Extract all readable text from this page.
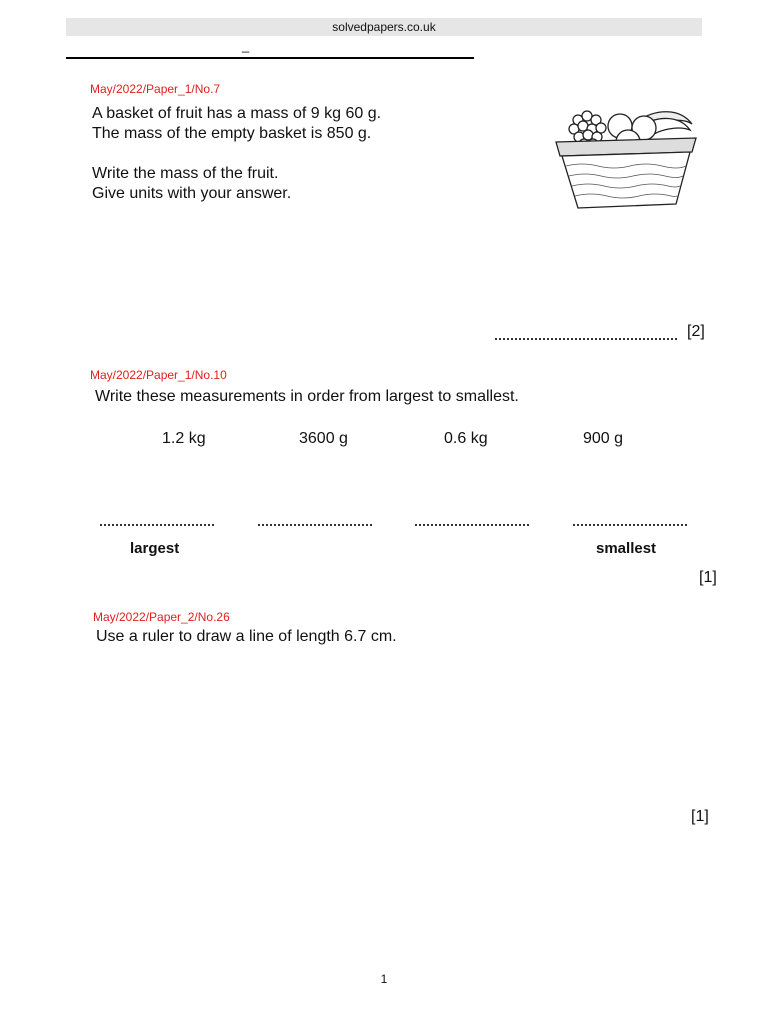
solvedpapers.co.uk
_
May/2022/Paper_1/No.7
A basket of fruit has a mass of 9 kg 60 g.
The mass of the empty basket is 850 g.
Write the mass of the fruit.
Give units with your answer.
[2]
May/2022/Paper_1/No.10
Write these measurements in order from largest to smallest.
1.2 kg	3600 g	0.6 kg	900 g
largest	smallest
[1]
May/2022/Paper_2/No.26
Use a ruler to draw a line of length 6.7 cm.
[1]
1
